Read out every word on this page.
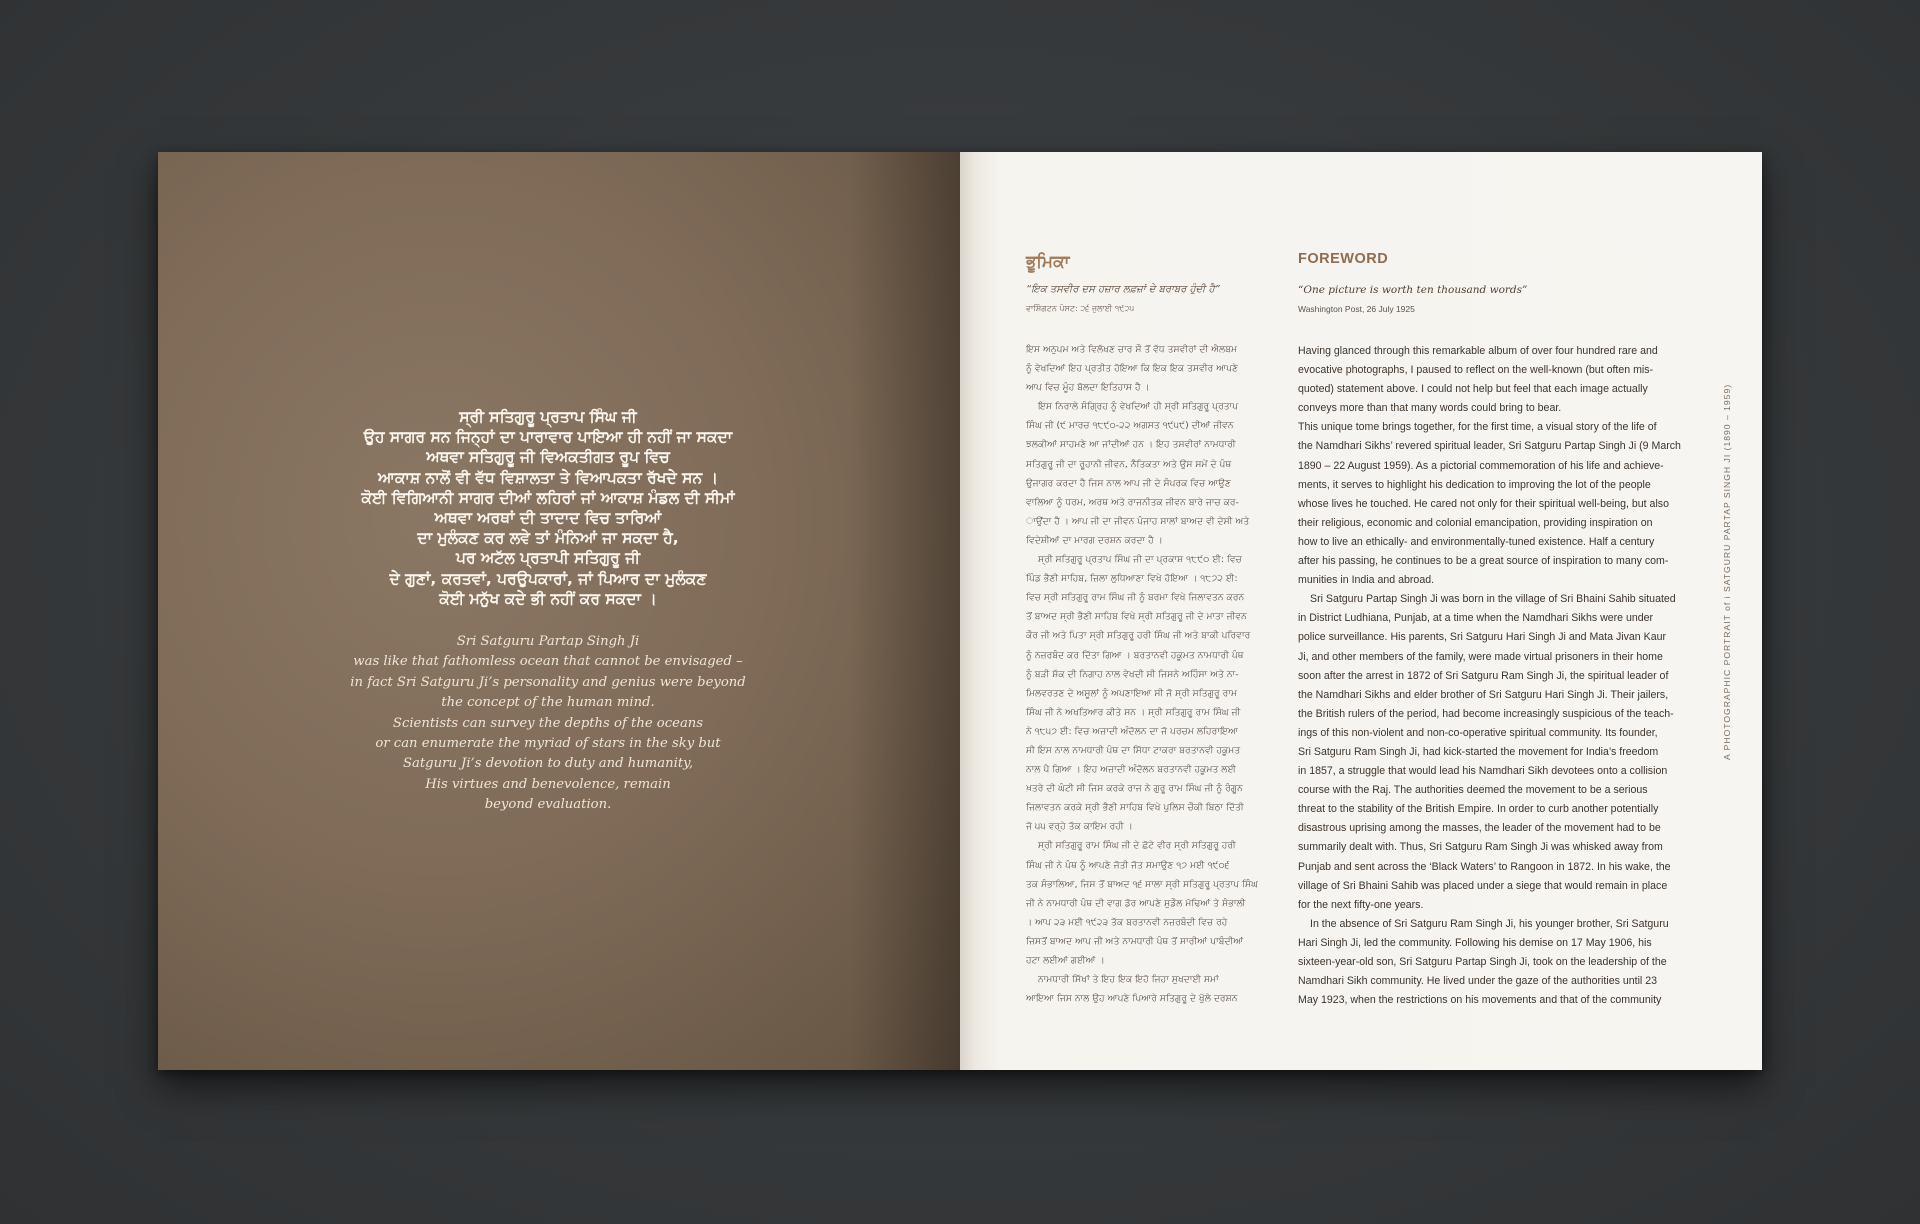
ਸ੍ਰੀ ਸਤਿਗੁਰੂ ਪ੍ਰਤਾਪ ਸਿੰਘ ਜੀ
ਉਹ ਸਾਗਰ ਸਨ ਜਿਨ੍ਹਾਂ ਦਾ ਪਾਰਾਵਾਰ ਪਾਇਆ ਹੀ ਨਹੀਂ ਜਾ ਸਕਦਾ
ਅਥਵਾ ਸਤਿਗੁਰੂ ਜੀ ਵਿਅਕਤੀਗਤ ਰੂਪ ਵਿਚ
ਆਕਾਸ਼ ਨਾਲੋਂ ਵੀ ਵੱਧ ਵਿਸ਼ਾਲਤਾ ਤੇ ਵਿਆਪਕਤਾ ਰੱਖਦੇ ਸਨ ।
ਕੋਈ ਵਿਗਿਆਨੀ ਸਾਗਰ ਦੀਆਂ ਲਹਿਰਾਂ ਜਾਂ ਆਕਾਸ਼ ਮੰਡਲ ਦੀ ਸੀਮਾਂ
ਅਥਵਾ ਅਰਥਾਂ ਦੀ ਤਾਦਾਦ ਵਿਚ ਤਾਰਿਆਂ
ਦਾ ਮੁਲੰਕਣ ਕਰ ਲਵੇ ਤਾਂ ਮੰਨਿਆਂ ਜਾ ਸਕਦਾ ਹੈ,
ਪਰ ਅਟੱਲ ਪ੍ਰਤਾਪੀ ਸਤਿਗੁਰੂ ਜੀ
ਦੇ ਗੁਣਾਂ, ਕਰਤਵਾਂ, ਪਰਉਪਕਾਰਾਂ, ਜਾਂ ਪਿਆਰ ਦਾ ਮੁਲੰਕਣ
ਕੋਈ ਮਨੁੱਖ ਕਦੇ ਭੀ ਨਹੀਂ ਕਰ ਸਕਦਾ ।
Sri Satguru Partap Singh Ji
was like that fathomless ocean that cannot be envisaged –
in fact Sri Satguru Ji’s personality and genius were beyond
the concept of the human mind.
Scientists can survey the depths of the oceans
or can enumerate the myriad of stars in the sky but
Satguru Ji’s devotion to duty and humanity,
His virtues and benevolence, remain
beyond evaluation.
ਭੂਮਿਕਾ	FOREWORD
“ਇਕ ਤਸਵੀਰ ਦਸ ਹਜ਼ਾਰ ਲਫ਼ਜ਼ਾਂ ਦੇ ਬਰਾਬਰ ਹੁੰਦੀ ਹੈ”
ਵਾਸ਼ਿੰਗਟਨ ਪੋਸਟ: ੨੬ ਜੁਲਾਈ ੧੯੨੫
“One picture is worth ten thousand words”
Washington Post, 26 July 1925
ਇਸ ਅਨੁਪਮ ਅਤੇ ਵਿਲੱਖਣ ਚਾਰ ਸੌ ਤੋਂ ਵੱਧ ਤਸਵੀਰਾਂ ਦੀ ਐਲਬਮ
ਨੂੰ ਵੇਖਦਿਆਂ ਇਹ ਪ੍ਰਤੀਤ ਹੋਇਆ ਕਿ ਇਕ ਇਕ ਤਸਵੀਰ ਆਪਣੇ
ਆਪ ਵਿਚ ਮੂੰਹ ਬੋਲਦਾ ਇਤਿਹਾਸ ਹੈ ।
ਇਸ ਨਿਰਾਲੇ ਸੰਗ੍ਰਿਹ ਨੂੰ ਵੇਖਦਿਆਂ ਹੀ ਸ੍ਰੀ ਸਤਿਗੁਰੂ ਪ੍ਰਤਾਪ
ਸਿੰਘ ਜੀ (੯ ਮਾਰਚ ੧੮੯੦-੨੨ ਅਗਸਤ ੧੯੫੯) ਦੀਆਂ ਜੀਵਨ
ਝਲਕੀਆਂ ਸਾਹਮਣੇ ਆ ਜਾਂਦੀਆਂ ਹਨ । ਇਹ ਤਸਵੀਰਾਂ ਨਾਮਧਾਰੀ
ਸਤਿਗੁਰੂ ਜੀ ਦਾ ਰੂਹਾਨੀ ਜੀਵਨ, ਨੈਤਿਕਤਾ ਅਤੇ ਉਸ ਸਮੇਂ ਦੇ ਪੰਥ
ਉਜਾਗਰ ਕਰਦਾ ਹੈ ਜਿਸ ਨਾਲ ਆਪ ਜੀ ਦੇ ਸੰਪਰਕ ਵਿਚ ਆਉਣ
ਵਾਲਿਆ ਨੂੰ ਧਰਮ, ਅਰਥ ਅਤੇ ਰਾਜਨੀਤਕ ਜੀਵਨ ਬਾਰੇ ਜਾਚ ਕਰ-
ਾਉਂਦਾ ਹੈ । ਆਪ ਜੀ ਦਾ ਜੀਵਨ ਪੰਜਾਹ ਸਾਲਾਂ ਬਾਅਦ ਵੀ ਦੇਸੀ ਅਤੇ
ਵਿਦੇਸ਼ੀਆਂ ਦਾ ਮਾਰਗ ਦਰਸ਼ਨ ਕਰਦਾ ਹੈ ।
ਸ੍ਰੀ ਸਤਿਗੁਰੂ ਪ੍ਰਤਾਪ ਸਿੰਘ ਜੀ ਦਾ ਪ੍ਰਕਾਸ਼ ੧੮੯੦ ਈ: ਵਿਚ
ਪਿੰਡ ਭੈਣੀ ਸਾਹਿਬ, ਜ਼ਿਲਾ ਲੁਧਿਆਣਾ ਵਿਖੇ ਹੋਇਆ । ੧੮੭੨ ਈ:
ਵਿਚ ਸ੍ਰੀ ਸਤਿਗੁਰੂ ਰਾਮ ਸਿੰਘ ਜੀ ਨੂੰ ਬਰਮਾ ਵਿਖੇ ਜਿਲਾਵਤਨ ਕਰਨ
ਤੋਂ ਬਾਅਦ ਸ੍ਰੀ ਭੈਣੀ ਸਾਹਿਬ ਵਿਖੇ ਸ੍ਰੀ ਸਤਿਗੁਰੂ ਜੀ ਦੇ ਮਾਤਾ ਜੀਵਨ
ਕੌਰ ਜੀ ਅਤੇ ਪਿਤਾ ਸ੍ਰੀ ਸਤਿਗੁਰੂ ਹਰੀ ਸਿੰਘ ਜੀ ਅਤੇ ਬਾਕੀ ਪਰਿਵਾਰ
ਨੂੰ ਨਜ਼ਰਬੰਦ ਕਰ ਦਿੱਤਾ ਗਿਆ । ਬਰਤਾਨਵੀ ਹਕੂਮਤ ਨਾਮਧਾਰੀ ਪੰਥ
ਨੂੰ ਬੜੀ ਸ਼ੱਕ ਦੀ ਨਿਗਾਹ ਨਾਲ ਵੇਖਦੀ ਸੀ ਜਿਸਨੇ ਅਹਿੰਸਾ ਅਤੇ ਨਾ-
ਮਿਲਵਰਤਣ ਦੇ ਅਸੂਲਾਂ ਨੂੰ ਅਪਣਾਇਆ ਸੀ ਜੋ ਸ੍ਰੀ ਸਤਿਗੁਰੂ ਰਾਮ
ਸਿੰਘ ਜੀ ਨੇ ਅਖਤਿਆਰ ਕੀਤੇ ਸਨ । ਸ੍ਰੀ ਸਤਿਗੁਰੂ ਰਾਮ ਸਿੰਘ ਜੀ
ਨੇ ੧੮੫੭ ਈ: ਵਿਚ ਅਜ਼ਾਦੀ ਅੰਦੋਲਨ ਦਾ ਜੋ ਪਰਚਮ ਲਹਿਰਾਇਆ
ਸੀ ਇਸ ਨਾਲ ਨਾਮਧਾਰੀ ਪੰਥ ਦਾ ਸਿੱਧਾ ਟਾਕਰਾ ਬਰਤਾਨਵੀ ਹਕੂਮਤ
ਨਾਲ ਪੈ ਗਿਆ । ਇਹ ਅਜ਼ਾਦੀ ਅੰਦੋਲਨ ਬਰਤਾਨਵੀ ਹਕੂਮਤ ਲਈ
ਖ਼ਤਰੇ ਦੀ ਘੰਟੀ ਸੀ ਜਿਸ ਕਰਕੇ ਰਾਜ ਨੇ ਗੁਰੂ ਰਾਮ ਸਿੰਘ ਜੀ ਨੂੰ ਰੰਗੂਨ
ਜਿਲਾਵਤਨ ਕਰਕੇ ਸ੍ਰੀ ਭੈਣੀ ਸਾਹਿਬ ਵਿਖੇ ਪੁਲਿਸ ਚੌਕੀ ਬਿਠਾ ਦਿੱਤੀ
ਜੋ ੫੫ ਵਰ੍ਹੇ ਤੱਕ ਕਾਇਮ ਰਹੀ ।
ਸ੍ਰੀ ਸਤਿਗੁਰੂ ਰਾਮ ਸਿੰਘ ਜੀ ਦੇ ਛੋਟੇ ਵੀਰ ਸ੍ਰੀ ਸਤਿਗੁਰੂ ਹਰੀ
ਸਿੰਘ ਜੀ ਨੇ ਪੰਥ ਨੂੰ ਆਪਣੇ ਜੋਤੀ ਜੋਤ ਸਮਾਉਣ ੧੭ ਮਈ ੧੯੦੬
ਤਕ ਸੰਭਾਲਿਆ, ਜਿਸ ਤੋਂ ਬਾਅਦ ੧੬ ਸਾਲਾ ਸ੍ਰੀ ਸਤਿਗੁਰੂ ਪ੍ਰਤਾਪ ਸਿੰਘ
ਜੀ ਨੇ ਨਾਮਧਾਰੀ ਪੰਥ ਦੀ ਵਾਗ ਡੋਰ ਆਪਣੇ ਸੁਡੌਲ ਮੋਢਿਆਂ ਤੇ ਸੰਭਾਲੀ
। ਆਪ ੨੩ ਮਈ ੧੯੨੩ ਤੱਕ ਬਰਤਾਨਵੀ ਨਜ਼ਰਬੰਦੀ ਵਿਚ ਰਹੇ
ਜਿਸਤੋਂ ਬਾਅਦ ਆਪ ਜੀ ਅਤੇ ਨਾਮਧਾਰੀ ਪੰਥ ਤੋਂ ਸਾਰੀਆਂ ਪਾਬੰਦੀਆਂ
ਹਟਾ ਲਈਆਂ ਗਈਆਂ ।
ਨਾਮਧਾਰੀ ਸਿੱਖਾਂ ਤੇ ਇਹ ਇਕ ਇਹੋ ਜਿਹਾ ਸੁਖਦਾਈ ਸਮਾਂ
ਆਇਆ ਜਿਸ ਨਾਲ ਉਹ ਆਪਣੇ ਪਿਆਰੇ ਸਤਿਗੁਰੂ ਦੇ ਖੁੱਲੇ ਦਰਸ਼ਨ
Having glanced through this remarkable album of over four hundred rare and
evocative photographs, I paused to reflect on the well-known (but often mis-
quoted) statement above. I could not help but feel that each image actually
conveys more than that many words could bring to bear.
This unique tome brings together, for the first time, a visual story of the life of
the Namdhari Sikhs’ revered spiritual leader, Sri Satguru Partap Singh Ji (9 March
1890 – 22 August 1959). As a pictorial commemoration of his life and achieve-
ments, it serves to highlight his dedication to improving the lot of the people
whose lives he touched. He cared not only for their spiritual well-being, but also
their religious, economic and colonial emancipation, providing inspiration on
how to live an ethically- and environmentally-tuned existence. Half a century
after his passing, he continues to be a great source of inspiration to many com-
munities in India and abroad.
Sri Satguru Partap Singh Ji was born in the village of Sri Bhaini Sahib situated
in District Ludhiana, Punjab, at a time when the Namdhari Sikhs were under
police surveillance. His parents, Sri Satguru Hari Singh Ji and Mata Jivan Kaur
Ji, and other members of the family, were made virtual prisoners in their home
soon after the arrest in 1872 of Sri Satguru Ram Singh Ji, the spiritual leader of
the Namdhari Sikhs and elder brother of Sri Satguru Hari Singh Ji. Their jailers,
the British rulers of the period, had become increasingly suspicious of the teach-
ings of this non-violent and non-co-operative spiritual community. Its founder,
Sri Satguru Ram Singh Ji, had kick-started the movement for India’s freedom
in 1857, a struggle that would lead his Namdhari Sikh devotees onto a collision
course with the Raj. The authorities deemed the movement to be a serious
threat to the stability of the British Empire. In order to curb another potentially
disastrous uprising among the masses, the leader of the movement had to be
summarily dealt with. Thus, Sri Satguru Ram Singh Ji was whisked away from
Punjab and sent across the ‘Black Waters’ to Rangoon in 1872. In his wake, the
village of Sri Bhaini Sahib was placed under a siege that would remain in place
for the next fifty-one years.
In the absence of Sri Satguru Ram Singh Ji, his younger brother, Sri Satguru
Hari Singh Ji, led the community. Following his demise on 17 May 1906, his
sixteen-year-old son, Sri Satguru Partap Singh Ji, took on the leadership of the
Namdhari Sikh community. He lived under the gaze of the authorities until 23
May 1923, when the restrictions on his movements and that of the community
A PHOTOGRAPHIC PORTRAIT of i SATGURU PARTAP SINGH JI (1890 – 1959)
